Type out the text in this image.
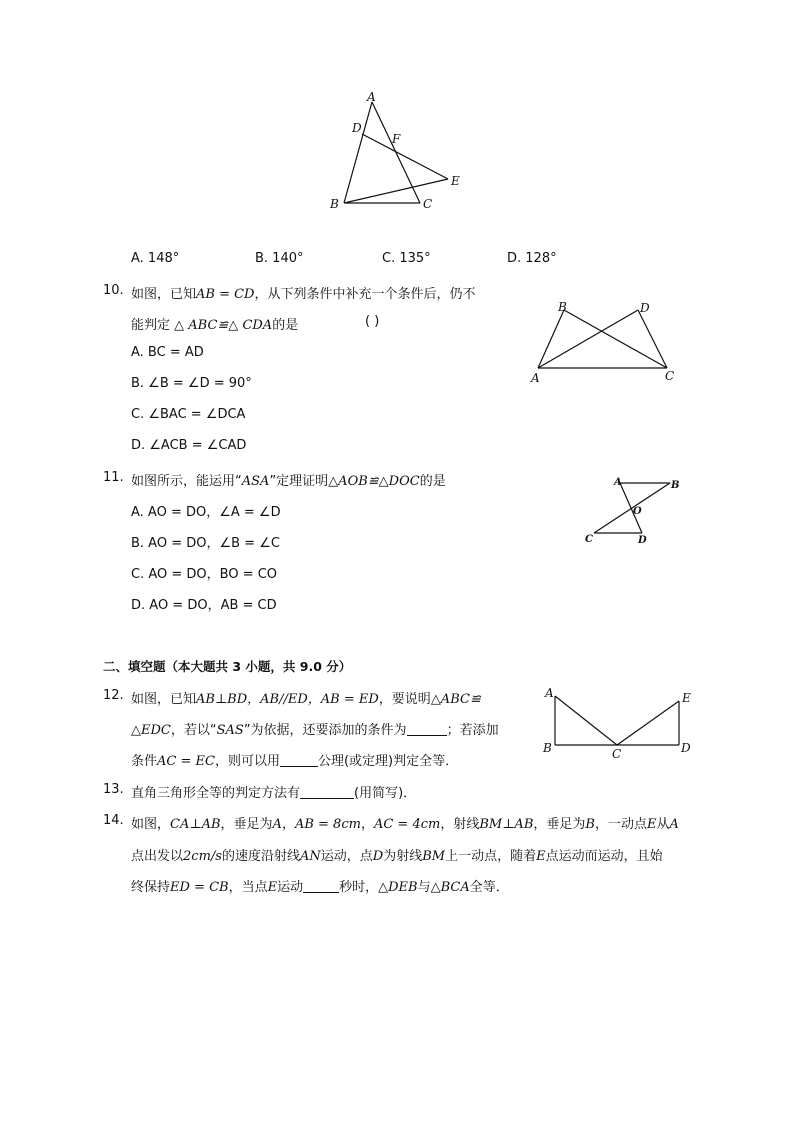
A
D
F
E
B	C
A. 148°	B. 140°	C. 135°	D. 128°
10. 如图，已知AB = CD，从下列条件中补充一个条件后，仍不
能判定 △ ABC≌△ CDA的是	( )
A. BC = AD
B. ∠B = ∠D = 90°
C. ∠BAC = ∠DCA
D. ∠ACB = ∠CAD
B	D
A	C
11. 如图所示，能运用“ASA”定理证明△AOB≌△DOC的是
A. AO = DO，∠A = ∠D
B. AO = DO，∠B = ∠C
C. AO = DO，BO = CO
D. AO = DO，AB = CD
A	B
O
C	D
二、填空题（本大题共 3 小题，共 9.0 分）
12. 如图，已知AB⊥BD，AB//ED，AB = ED，要说明△ABC≌
△EDC，若以“SAS”为依据，还要添加的条件为	；若添加
条件AC = EC，则可以用	公理(或定理)判定全等．
A	E
B	C	D
13. 直角三角形全等的判定方法有	(用简写)．
14. 如图，CA⊥AB，垂足为A，AB = 8cm，AC = 4cm，射线BM⊥AB，垂足为B，一动点E从A
点出发以2cm/s的速度沿射线AN运动，点D为射线BM上一动点，随着E点运动而运动，且始
终保持ED = CB，当点E运动	秒时，△DEB与△BCA全等．
